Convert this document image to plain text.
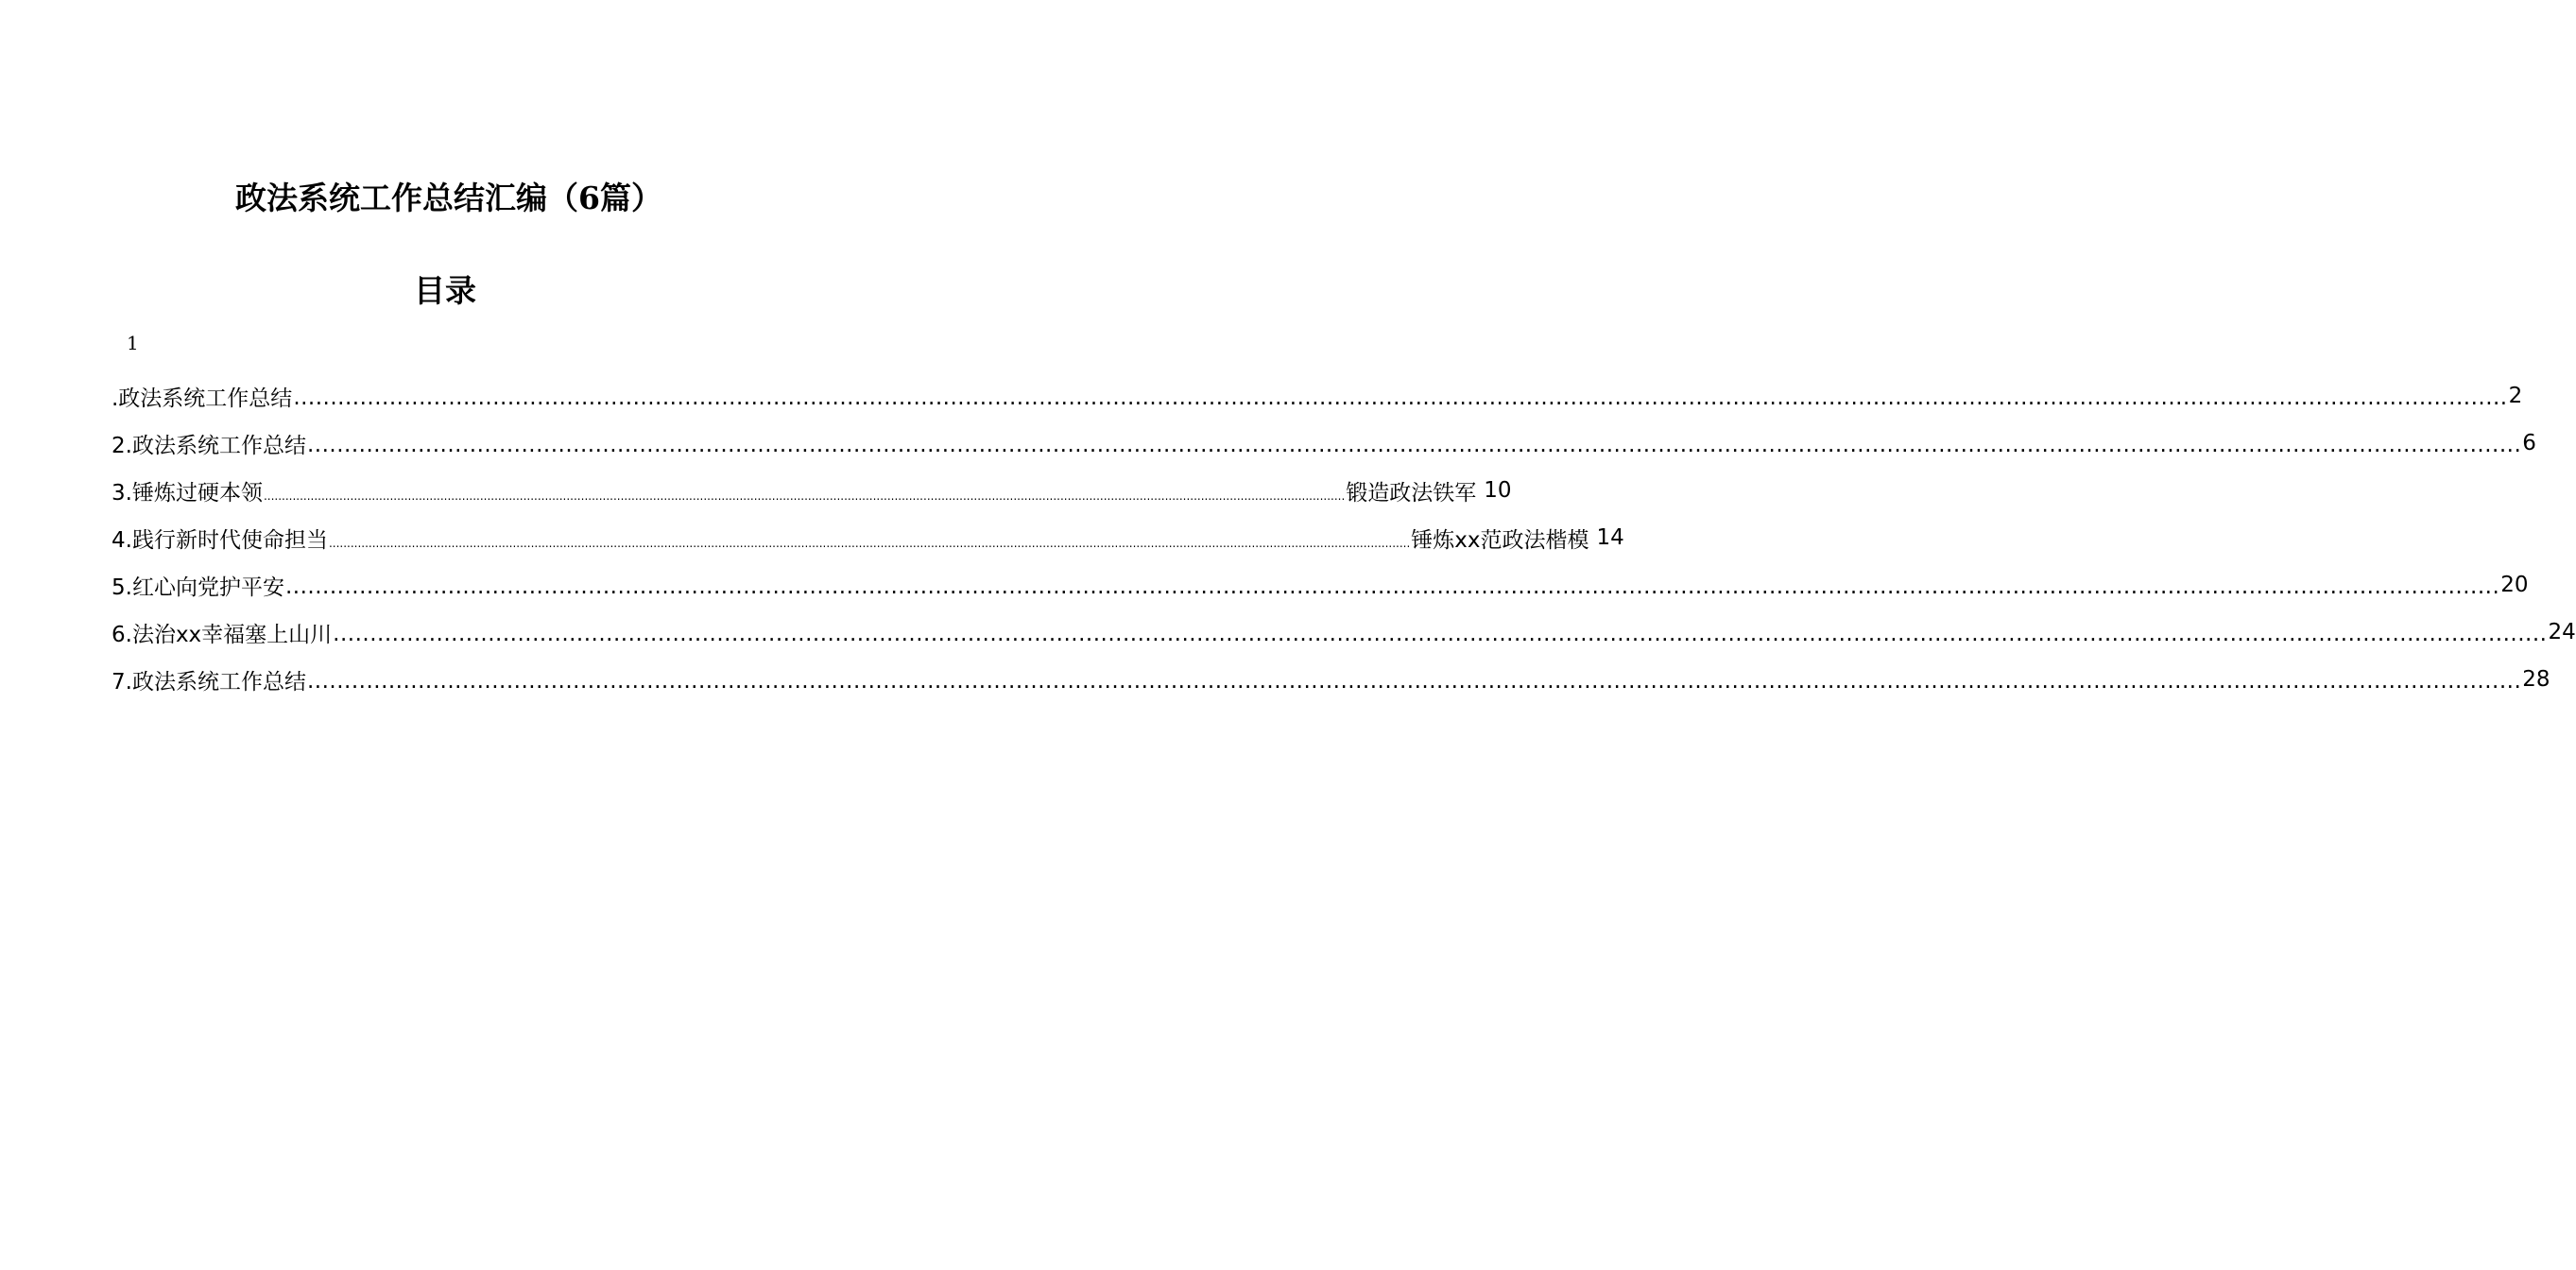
政法系统工作总结汇编（6篇）
目录
1
.政法系统工作总结 ............................................................................................................................................................................................................................................................................................................ 2
2.政法系统工作总结 ............................................................................................................................................................................................................................................................................................................ 6
3.锤炼过硬本领 ............................................................................................................................................................................................................................................................................................................ 锻造政法铁军 10
4.践行新时代使命担当 ............................................................................................................................................................................................................................................................................................................ 锤炼xx范政法楷模 14
5.红心向党护平安 ............................................................................................................................................................................................................................................................................................................ 20
6.法治xx幸福塞上山川 ............................................................................................................................................................................................................................................................................................................ 24
7.政法系统工作总结 ............................................................................................................................................................................................................................................................................................................ 28
